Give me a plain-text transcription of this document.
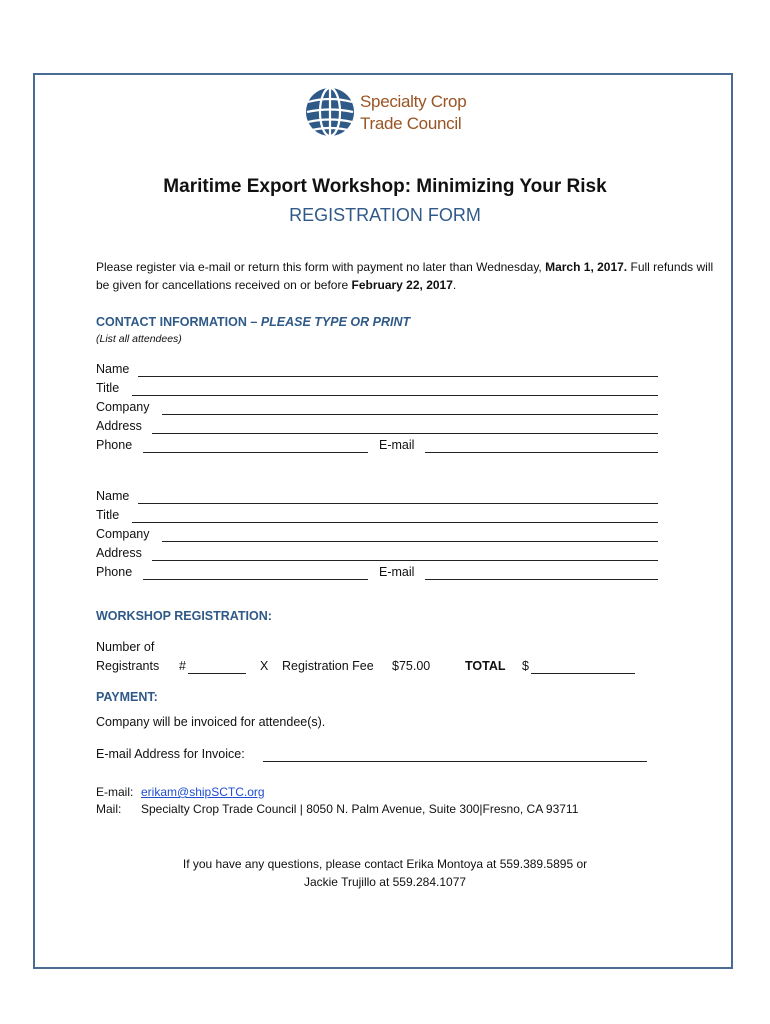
Specialty Crop
Trade Council
Maritime Export Workshop: Minimizing Your Risk
REGISTRATION FORM
Please register via e-mail or return this form with payment no later than Wednesday, March 1, 2017. Full refunds will be given for cancellations received on or before February 22, 2017.
CONTACT INFORMATION – PLEASE TYPE OR PRINT
(List all attendees)
Name
Title
Company
Address
Phone	E-mail
Name
Title
Company
Address
Phone	E-mail
WORKSHOP REGISTRATION:
Number of
Registrants #	X Registration Fee $75.00	TOTAL $
PAYMENT:
Company will be invoiced for attendee(s).
E-mail Address for Invoice:
E-mail: erikam@shipSCTC.org
Mail: Specialty Crop Trade Council | 8050 N. Palm Avenue, Suite 300|Fresno, CA 93711
If you have any questions, please contact Erika Montoya at 559.389.5895 or
Jackie Trujillo at 559.284.1077
